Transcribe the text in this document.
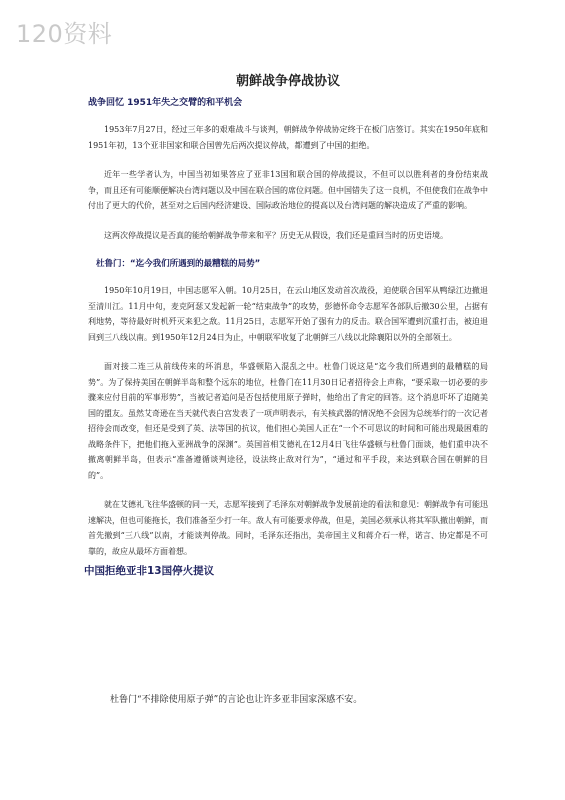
120资料
朝鲜战争停战协议
战争回忆 1951年失之交臂的和平机会

1953年7月27日，经过三年多的艰难战斗与谈判，朝鲜战争停战协定终于在板门店签订。其实在1950年底和1951年初，13个亚非国家和联合国曾先后两次提议停战，都遭到了中国的拒绝。

近年一些学者认为，中国当初如果答应了亚非13国和联合国的停战提议，不但可以以胜利者的身份结束战争，而且还有可能顺便解决台湾问题以及中国在联合国的席位问题。但中国错失了这一良机，不但使我们在战争中付出了更大的代价，甚至对之后国内经济建设、国际政治地位的提高以及台湾问题的解决造成了严重的影响。

这两次停战提议是否真的能给朝鲜战争带来和平？历史无从假设，我们还是重回当时的历史语境。

杜鲁门：“迄今我们所遇到的最糟糕的局势”

1950年10月19日，中国志愿军入朝。10月25日，在云山地区发动首次战役，迫使联合国军从鸭绿江边撤退至清川江。11月中旬，麦克阿瑟又发起新一轮“结束战争”的攻势，彭德怀命令志愿军各部队后撤30公里，占据有利地势，等待最好时机歼灭来犯之敌。11月25日，志愿军开始了强有力的反击。联合国军遭到沉重打击，被迫退回到三八线以南。到1950年12月24日为止，中朝联军收复了北朝鲜三八线以北除襄阳以外的全部领土。

面对接二连三从前线传来的坏消息，华盛顿陷入混乱之中。杜鲁门说这是“迄今我们所遇到的最糟糕的局势”。为了保持美国在朝鲜半岛和整个远东的地位，杜鲁门在11月30日记者招待会上声称，“要采取一切必要的步骤来应付目前的军事形势”，当被记者追问是否包括使用原子弹时，他给出了肯定的回答。这个消息吓坏了追随美国的盟友。虽然艾奇逊在当天就代表白宫发表了一项声明表示，有关核武器的情况绝不会因为总统举行的一次记者招待会而改变，但还是受到了英、法等国的抗议，他们担心美国人正在“一个不可思议的时间和可能出现最困难的战略条件下，把他们拖入亚洲战争的深渊”。英国首相艾德礼在12月4日飞往华盛顿与杜鲁门面谈，他们重申决不撤离朝鲜半岛，但表示“准备遵循谈判途径，设法终止敌对行为”，“通过和平手段，来达到联合国在朝鲜的目的”。

就在艾德礼飞往华盛顿的同一天，志愿军接到了毛泽东对朝鲜战争发展前途的看法和意见：朝鲜战争有可能迅速解决，但也可能拖长，我们准备至少打一年。敌人有可能要求停战，但是，美国必须承认将其军队撤出朝鲜，而首先撤到“三八线”以南，才能谈判停战。同时，毛泽东还指出，美帝国主义和蒋介石一样，诺言、协定都是不可靠的，故应从最坏方面着想。

中国拒绝亚非13国停火提议

杜鲁门“不排除使用原子弹”的言论也让许多亚非国家深感不安。
